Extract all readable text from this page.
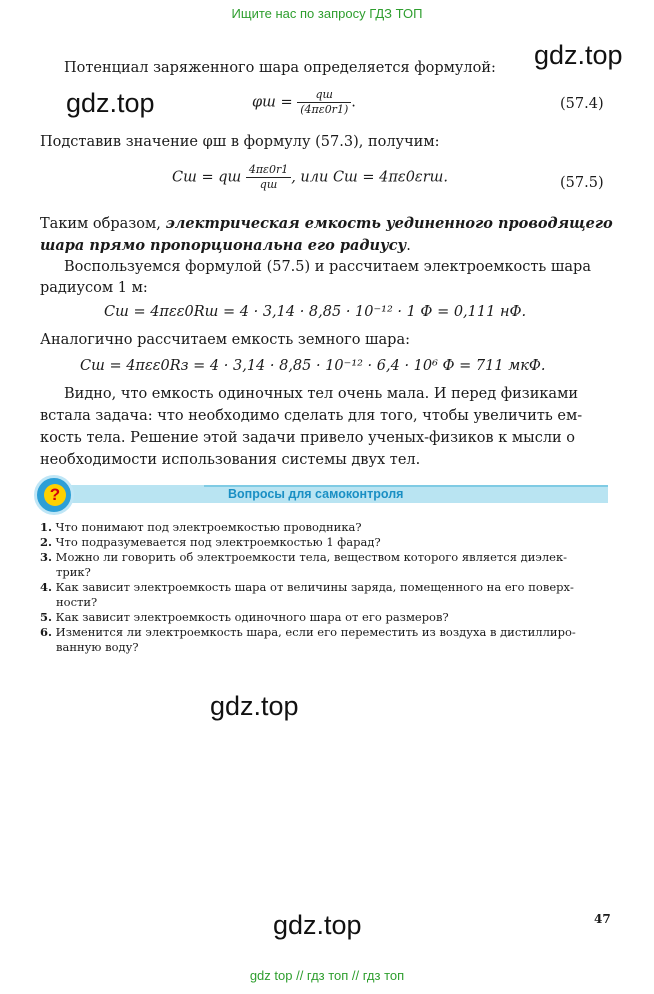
Ищите нас по запросу ГДЗ ТОП
gdz.top
gdz.top
gdz.top
gdz.top
Потенциал заряженного шара определяется формулой:
$\varphi ш = \frac{qш}{(4\pi\varepsilon 0r1)}$ .	(57.4)
Подставив значение φш в формулу (57.3), получим:
Cш = qш $\frac{4\pi\varepsilon 0r1}{qш}$ , или Cш = 4πε0εrш.	(57.5)
Таким образом, электрическая емкость уединенного проводящего
шара прямо пропорциональна его радиусу.
Воспользуемся формулой (57.5) и рассчитаем электроемкость шара
радиусом 1 м:
Cш = 4πεε0Rш = 4 · 3,14 · 8,85 · 10⁻¹² · 1 Ф = 0,111 нФ.
Аналогично рассчитаем емкость земного шара:
Cш = 4πεε0Rз = 4 · 3,14 · 8,85 · 10⁻¹² · 6,4 · 10⁶ Ф = 711 мкФ.
Видно, что емкость одиночных тел очень мала. И перед физиками
встала задача: что необходимо сделать для того, чтобы увеличить ем-
кость тела. Решение этой задачи привело ученых-физиков к мысли о
необходимости использования системы двух тел.
?	Вопросы для самоконтроля
1. Что понимают под электроемкостью проводника?
2. Что подразумевается под электроемкостью 1 фарад?
3. Можно ли говорить об электроемкости тела, веществом которого является диэлек-
трик?
4. Как зависит электроемкость шара от величины заряда, помещенного на его поверх-
ности?
5. Как зависит электроемкость одиночного шара от его размеров?
6. Изменится ли электроемкость шара, если его переместить из воздуха в дистиллиро-
ванную воду?
47
gdz top // гдз топ // гдз топ
